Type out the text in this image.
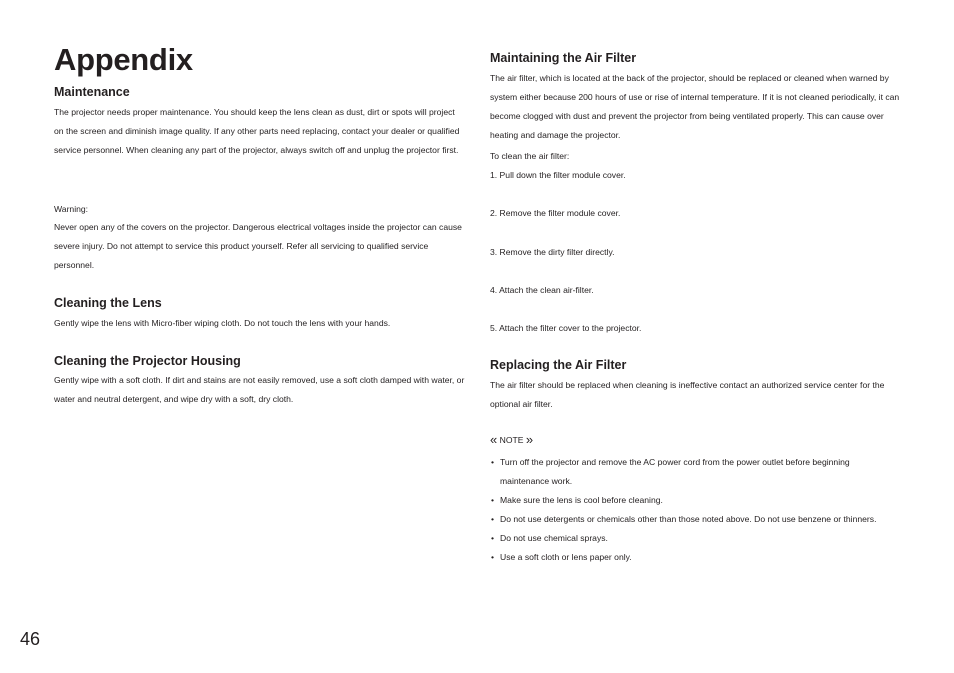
Appendix
Maintenance

The projector needs proper maintenance. You should keep the lens clean as dust, dirt or spots will project on the screen and diminish image quality. If any other parts need replacing, contact your dealer or qualified service personnel. When cleaning any part of the projector, always switch off and unplug the projector first.

Warning:

Never open any of the covers on the projector. Dangerous electrical voltages inside the projector can cause severe injury. Do not attempt to service this product yourself. Refer all servicing to qualified service personnel.

Cleaning the Lens

Gently wipe the lens with Micro-fiber wiping cloth. Do not touch the lens with your hands.

Cleaning the Projector Housing

Gently wipe with a soft cloth. If dirt and stains are not easily removed, use a soft cloth damped with water, or water and neutral detergent, and wipe dry with a soft, dry cloth.

Maintaining the Air Filter

The air filter, which is located at the back of the projector, should be replaced or cleaned when warned by system either because 200 hours of use or rise of internal temperature. If it is not cleaned periodically, it can become clogged with dust and prevent the projector from being ventilated properly. This can cause over heating and damage the projector.

To clean the air filter:

1. Pull down the filter module cover.

2. Remove the filter module cover.

3. Remove the dirty filter directly.

4. Attach the clean air-filter.

5. Attach the filter cover to the projector.

Replacing the Air Filter

The air filter should be replaced when cleaning is ineffective contact an authorized service center for the optional air filter.

« NOTE »

• Turn off the projector and remove the AC power cord from the power outlet before beginning maintenance work.
• Make sure the lens is cool before cleaning.
• Do not use detergents or chemicals other than those noted above. Do not use benzene or thinners.
• Do not use chemical sprays.
• Use a soft cloth or lens paper only.
46
